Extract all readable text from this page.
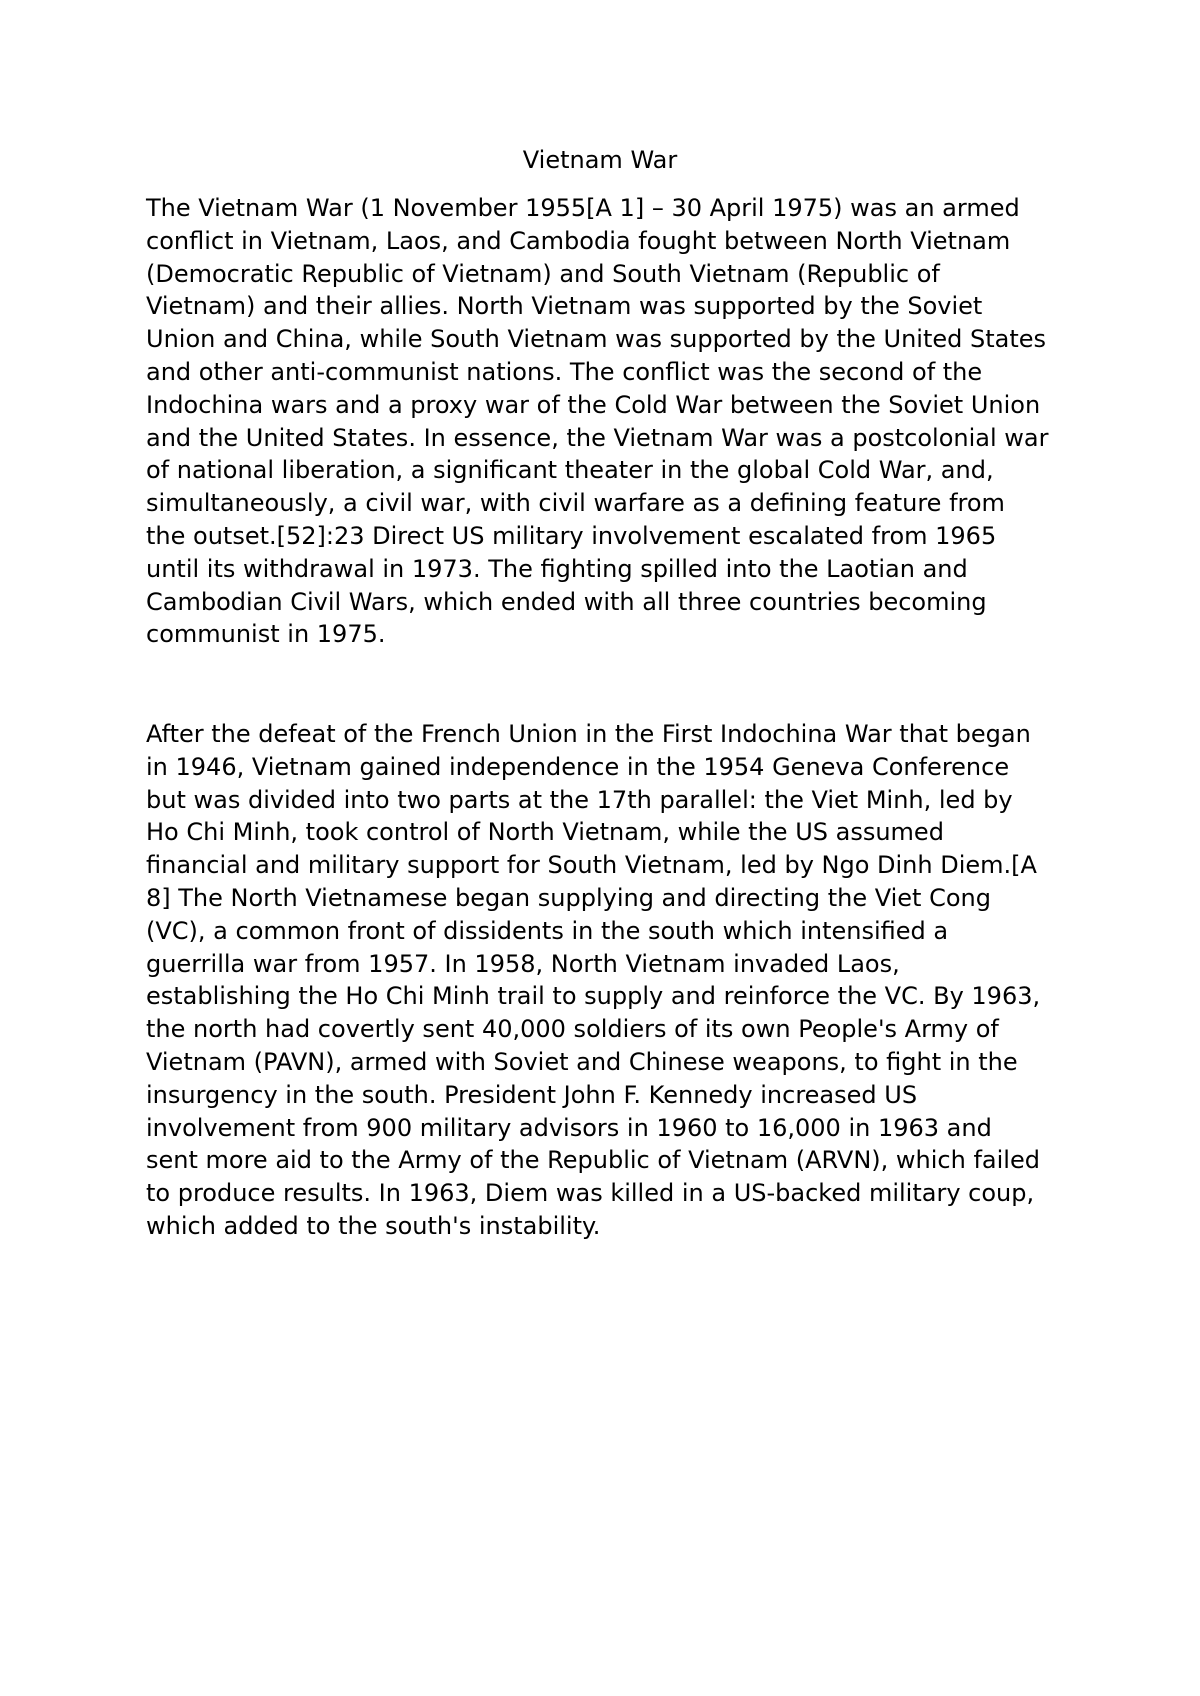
Vietnam War
The Vietnam War (1 November 1955[A 1] – 30 April 1975) was an armed
conflict in Vietnam, Laos, and Cambodia fought between North Vietnam
(Democratic Republic of Vietnam) and South Vietnam (Republic of
Vietnam) and their allies. North Vietnam was supported by the Soviet
Union and China, while South Vietnam was supported by the United States
and other anti-communist nations. The conflict was the second of the
Indochina wars and a proxy war of the Cold War between the Soviet Union
and the United States. In essence, the Vietnam War was a postcolonial war
of national liberation, a significant theater in the global Cold War, and,
simultaneously, a civil war, with civil warfare as a defining feature from
the outset.[52]:23 Direct US military involvement escalated from 1965
until its withdrawal in 1973. The fighting spilled into the Laotian and
Cambodian Civil Wars, which ended with all three countries becoming
communist in 1975.
After the defeat of the French Union in the First Indochina War that began
in 1946, Vietnam gained independence in the 1954 Geneva Conference
but was divided into two parts at the 17th parallel: the Viet Minh, led by
Ho Chi Minh, took control of North Vietnam, while the US assumed
financial and military support for South Vietnam, led by Ngo Dinh Diem.[A
8] The North Vietnamese began supplying and directing the Viet Cong
(VC), a common front of dissidents in the south which intensified a
guerrilla war from 1957. In 1958, North Vietnam invaded Laos,
establishing the Ho Chi Minh trail to supply and reinforce the VC. By 1963,
the north had covertly sent 40,000 soldiers of its own People's Army of
Vietnam (PAVN), armed with Soviet and Chinese weapons, to fight in the
insurgency in the south. President John F. Kennedy increased US
involvement from 900 military advisors in 1960 to 16,000 in 1963 and
sent more aid to the Army of the Republic of Vietnam (ARVN), which failed
to produce results. In 1963, Diem was killed in a US-backed military coup,
which added to the south's instability.
